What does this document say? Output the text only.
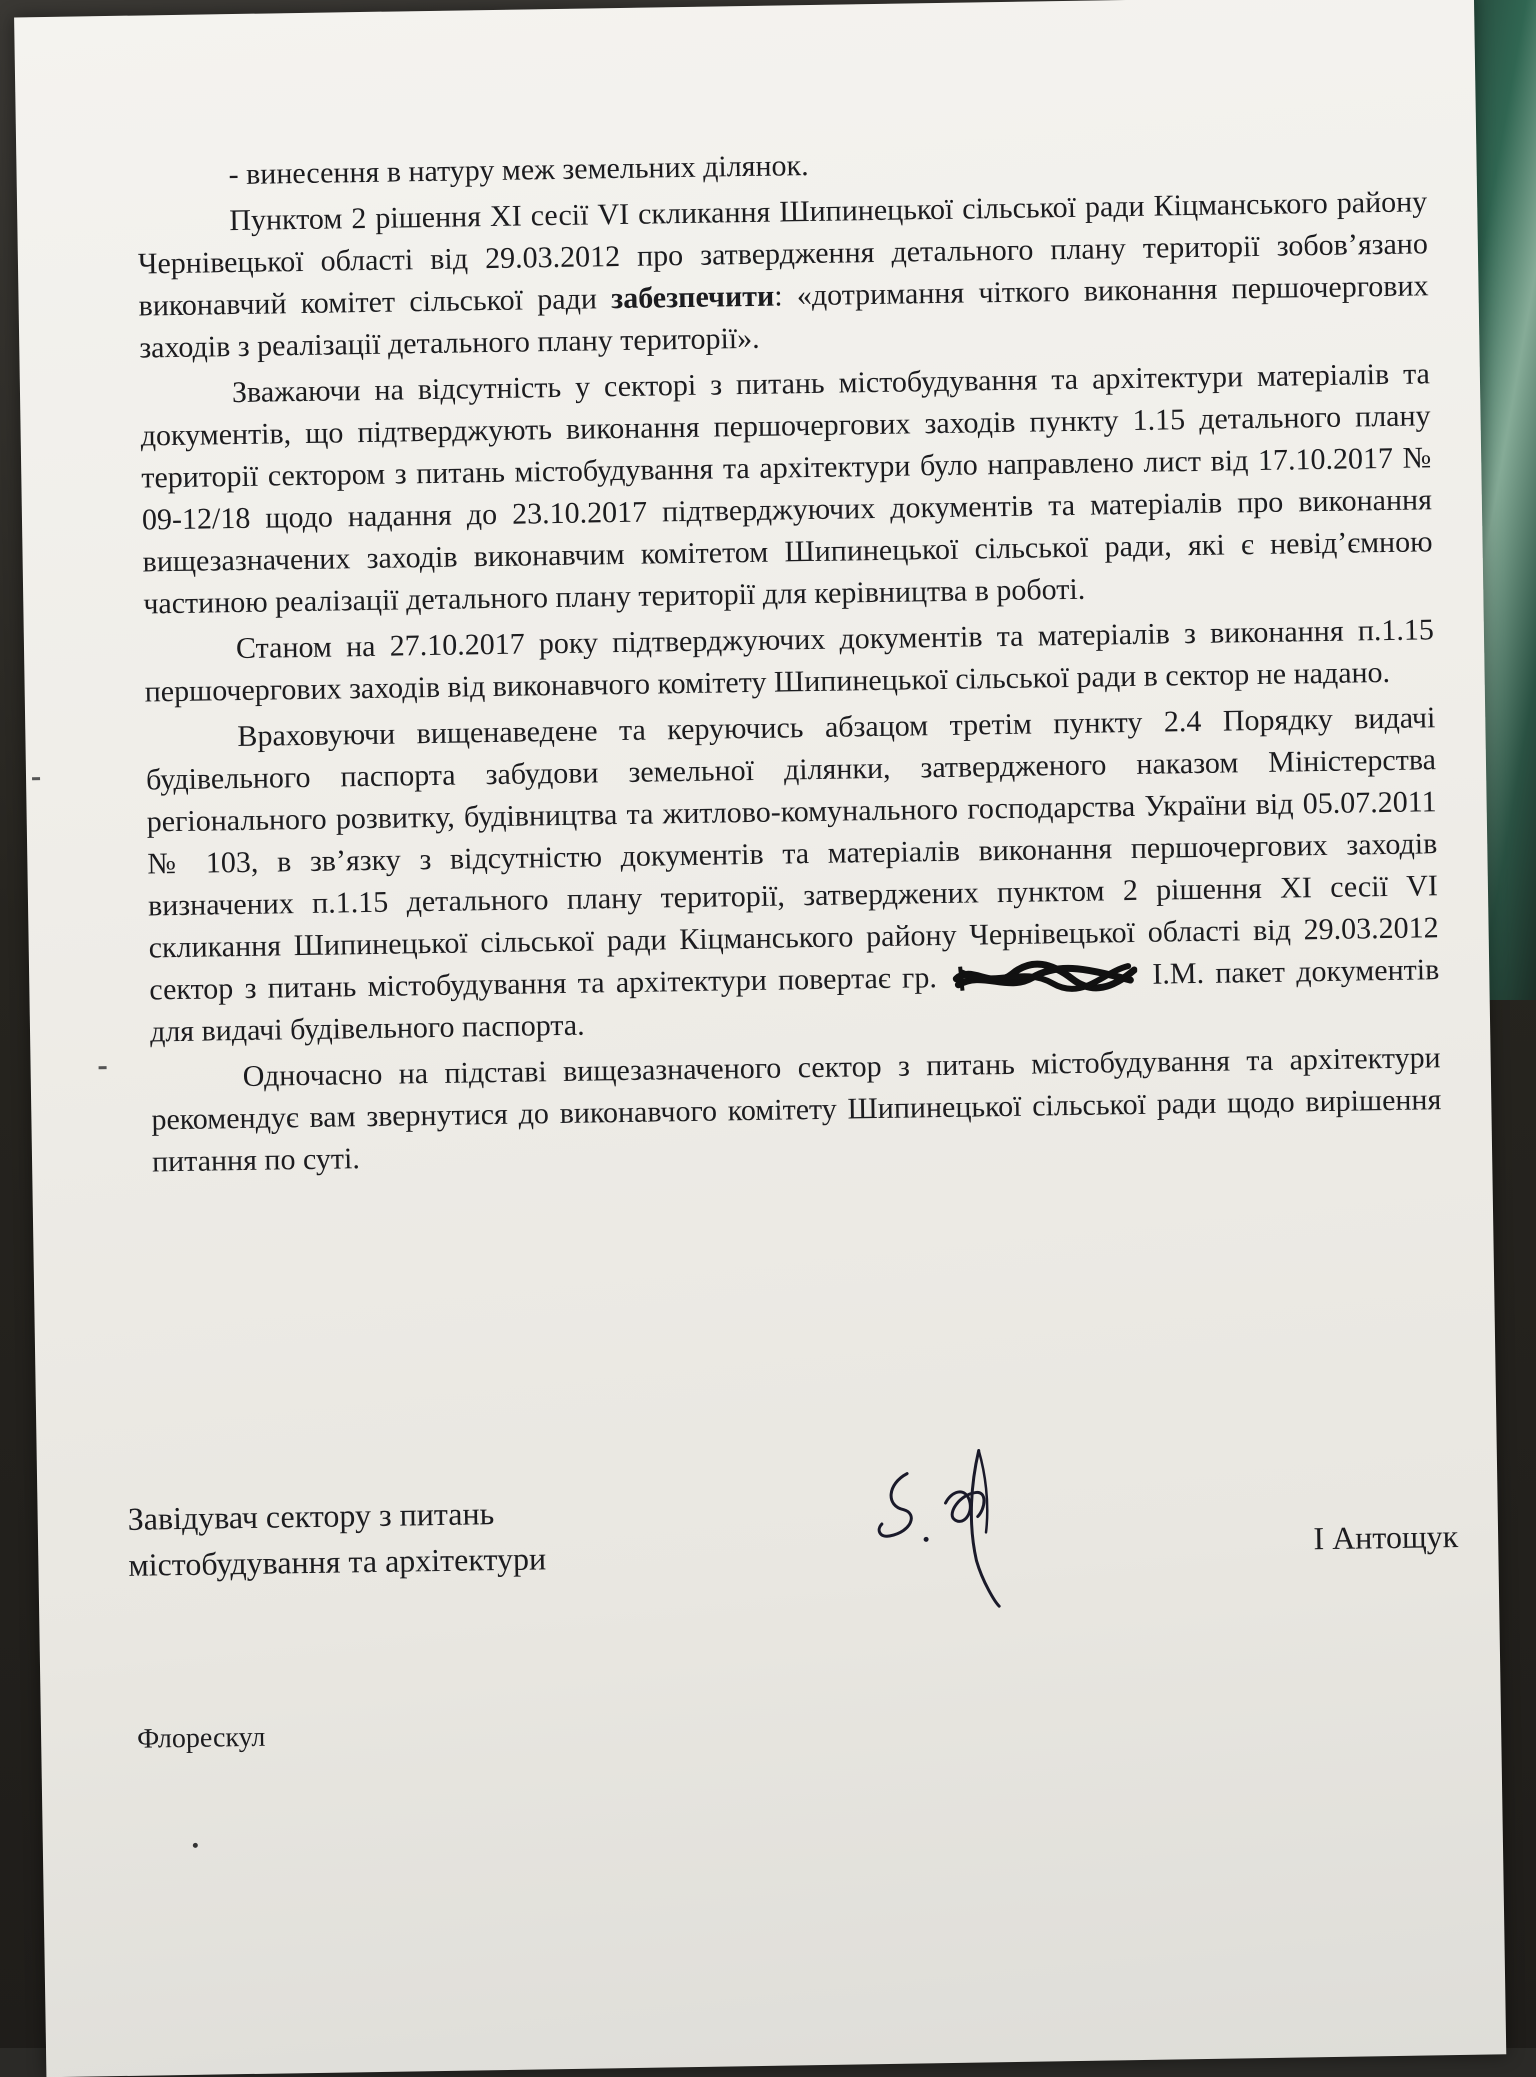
- винесення в натуру меж земельних ділянок.

Пунктом 2 рішення XI сесії VI скликання Шипинецької сільської ради Кіцманського району Чернівецької області від 29.03.2012 про затвердження детального плану території зобов’язано виконавчий комітет сільської ради забезпечити: «дотримання чіткого виконання першочергових заходів з реалізації детального плану території».

Зважаючи на відсутність у секторі з питань містобудування та архітектури матеріалів та документів, що підтверджують виконання першочергових заходів пункту 1.15 детального плану території сектором з питань містобудування та архітектури було направлено лист від 17.10.2017 № 09-12/18 щодо надання до 23.10.2017 підтверджуючих документів та матеріалів про виконання вищезазначених заходів виконавчим комітетом Шипинецької сільської ради, які є невід’ємною частиною реалізації детального плану території для керівництва в роботі.

Станом на 27.10.2017 року підтверджуючих документів та матеріалів з виконання п.1.15 першочергових заходів від виконавчого комітету Шипинецької сільської ради в сектор не надано.

Враховуючи вищенаведене та керуючись абзацом третім пункту 2.4 Порядку видачі будівельного паспорта забудови земельної ділянки, затвердженого наказом Міністерства регіонального розвитку, будівництва та житлово-комунального господарства України від 05.07.2011 № 103, в зв’язку з відсутністю документів та матеріалів виконання першочергових заходів визначених п.1.15 детального плану території, затверджених пунктом 2 рішення XI сесії VI скликання Шипинецької сільської ради Кіцманського району Чернівецької області від 29.03.2012 сектор з питань містобудування та архітектури повертає гр.	І.М. пакет документів для видачі будівельного паспорта.

Одночасно на підставі вищезазначеного сектор з питань містобудування та архітектури рекомендує вам звернутися до виконавчого комітету Шипинецької сільської ради щодо вирішення питання по суті.

Завідувач сектору з питань
містобудування та архітектури
І Антощук
Флорескул
